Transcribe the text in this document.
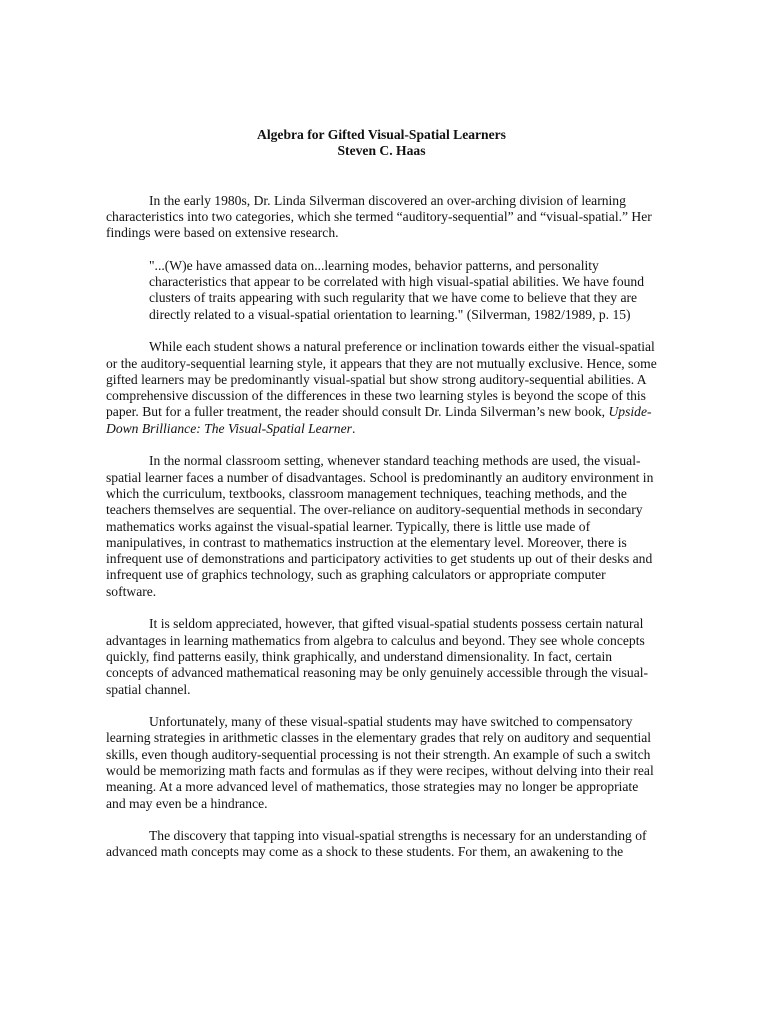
Algebra for Gifted Visual-Spatial Learners
Steven C. Haas

In the early 1980s, Dr. Linda Silverman discovered an over-arching division of learning characteristics into two categories, which she termed “auditory-sequential” and “visual-spatial.” Her findings were based on extensive research.

"...(W)e have amassed data on...learning modes, behavior patterns, and personality characteristics that appear to be correlated with high visual-spatial abilities. We have found clusters of traits appearing with such regularity that we have come to believe that they are directly related to a visual-spatial orientation to learning." (Silverman, 1982/1989, p. 15)

While each student shows a natural preference or inclination towards either the visual-spatial or the auditory-sequential learning style, it appears that they are not mutually exclusive. Hence, some gifted learners may be predominantly visual-spatial but show strong auditory-sequential abilities. A comprehensive discussion of the differences in these two learning styles is beyond the scope of this paper. But for a fuller treatment, the reader should consult Dr. Linda Silverman’s new book, Upside-Down Brilliance: The Visual-Spatial Learner.

In the normal classroom setting, whenever standard teaching methods are used, the visual-spatial learner faces a number of disadvantages. School is predominantly an auditory environment in which the curriculum, textbooks, classroom management techniques, teaching methods, and the teachers themselves are sequential. The over-reliance on auditory-sequential methods in secondary mathematics works against the visual-spatial learner. Typically, there is little use made of manipulatives, in contrast to mathematics instruction at the elementary level. Moreover, there is infrequent use of demonstrations and participatory activities to get students up out of their desks and infrequent use of graphics technology, such as graphing calculators or appropriate computer software.

It is seldom appreciated, however, that gifted visual-spatial students possess certain natural advantages in learning mathematics from algebra to calculus and beyond. They see whole concepts quickly, find patterns easily, think graphically, and understand dimensionality. In fact, certain concepts of advanced mathematical reasoning may be only genuinely accessible through the visual-spatial channel.

Unfortunately, many of these visual-spatial students may have switched to compensatory learning strategies in arithmetic classes in the elementary grades that rely on auditory and sequential skills, even though auditory-sequential processing is not their strength. An example of such a switch would be memorizing math facts and formulas as if they were recipes, without delving into their real meaning. At a more advanced level of mathematics, those strategies may no longer be appropriate and may even be a hindrance.

The discovery that tapping into visual-spatial strengths is necessary for an understanding of advanced math concepts may come as a shock to these students. For them, an awakening to the
